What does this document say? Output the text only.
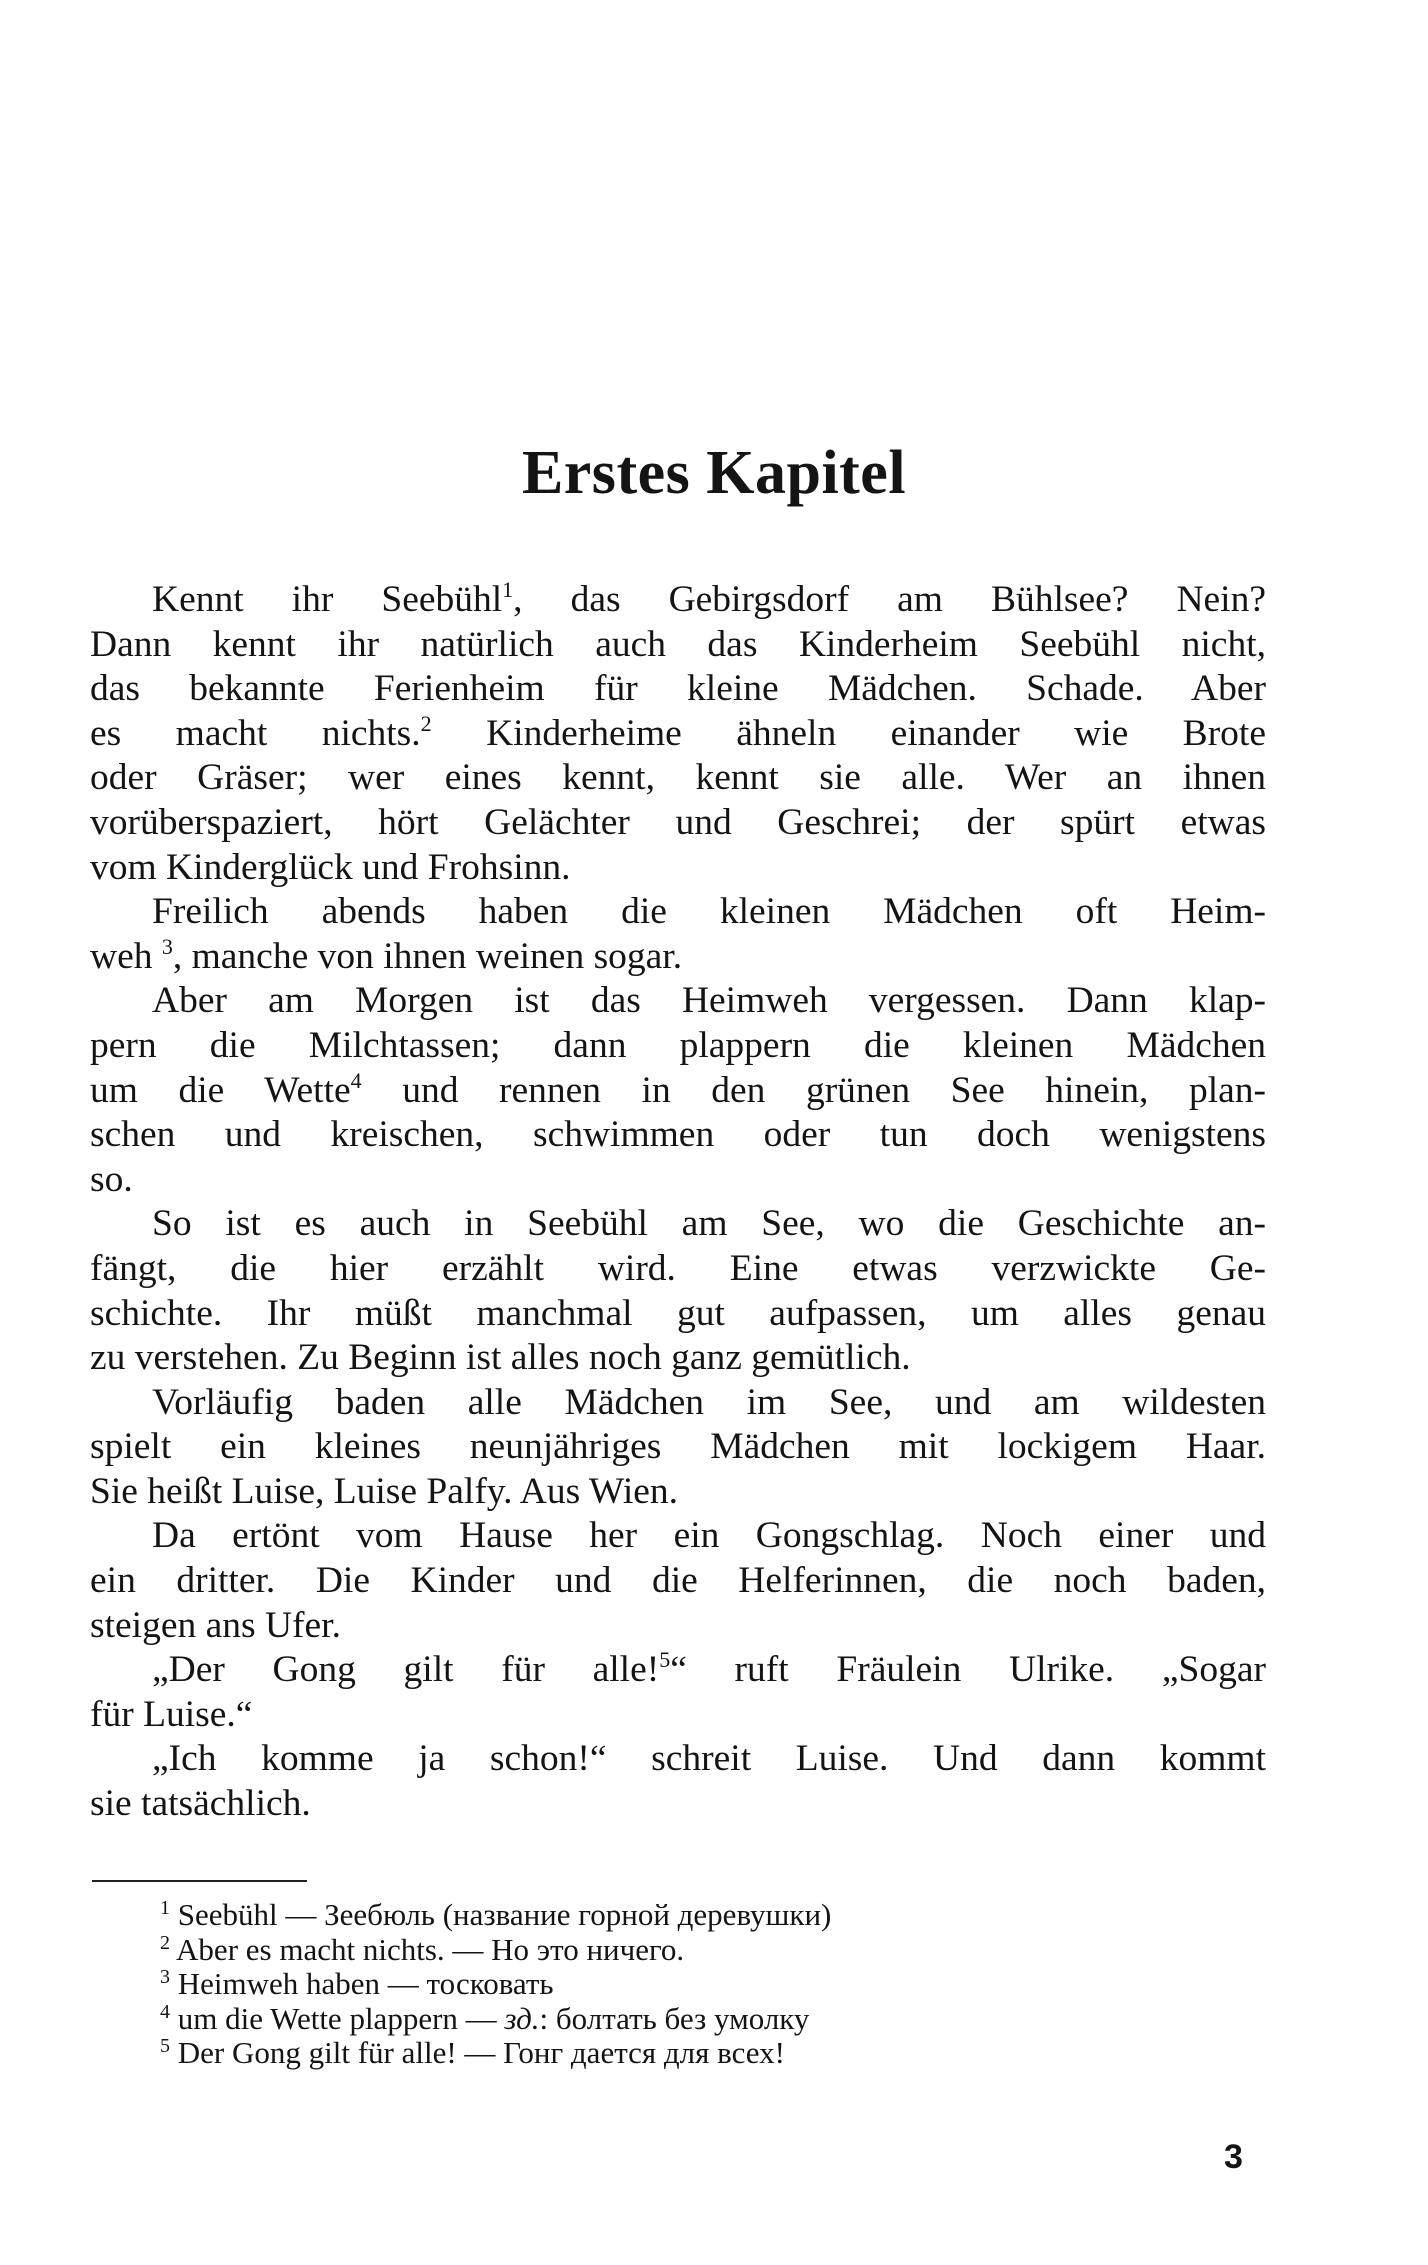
Erstes Kapitel

Kennt ihr Seebühl$^1$, das Gebirgsdorf am Bühlsee? Nein?
Dann kennt ihr natürlich auch das Kinderheim Seebühl nicht,
das bekannte Ferienheim für kleine Mädchen. Schade. Aber
es macht nichts.$^2$ Kinderheime ähneln einander wie Brote
oder Gräser; wer eines kennt, kennt sie alle. Wer an ihnen
vorüberspaziert, hört Gelächter und Geschrei; der spürt etwas
vom Kinderglück und Frohsinn.

Freilich abends haben die kleinen Mädchen oft Heim-
weh $^3$, manche von ihnen weinen sogar.

Aber am Morgen ist das Heimweh vergessen. Dann klap-
pern die Milchtassen; dann plappern die kleinen Mädchen
um die Wette$^4$ und rennen in den grünen See hinein, plan-
schen und kreischen, schwimmen oder tun doch wenigstens
so.

So ist es auch in Seebühl am See, wo die Geschichte an-
fängt, die hier erzählt wird. Eine etwas verzwickte Ge-
schichte. Ihr müßt manchmal gut aufpassen, um alles genau
zu verstehen. Zu Beginn ist alles noch ganz gemütlich.

Vorläufig baden alle Mädchen im See, und am wildesten
spielt ein kleines neunjähriges Mädchen mit lockigem Haar.
Sie heißt Luise, Luise Palfy. Aus Wien.

Da ertönt vom Hause her ein Gongschlag. Noch einer und
ein dritter. Die Kinder und die Helferinnen, die noch baden,
steigen ans Ufer.

„Der Gong gilt für alle!$^5$“ ruft Fräulein Ulrike. „Sogar
für Luise.“

„Ich komme ja schon!“ schreit Luise. Und dann kommt
sie tatsächlich.

$^1$ Seebühl — Зеебюль (название горной деревушки)
$^2$ Aber es macht nichts. — Но это ничего.
$^3$ Heimweh haben — тосковать
$^4$ um die Wette plappern — зд.: болтать без умолку
$^5$ Der Gong gilt für alle! — Гонг дается для всех!
3
